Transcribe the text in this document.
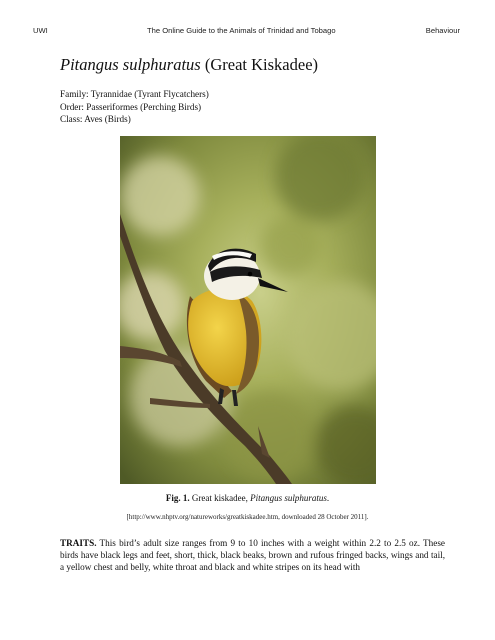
UWI	The Online Guide to the Animals of Trinidad and Tobago	Behaviour
Pitangus sulphuratus (Great Kiskadee)
Family: Tyrannidae (Tyrant Flycatchers)
Order: Passeriformes (Perching Birds)
Class: Aves (Birds)
Fig. 1. Great kiskadee, Pitangus sulphuratus.
[http://www.nhptv.org/natureworks/greatkiskadee.htm, downloaded 28 October 2011].
TRAITS. This bird’s adult size ranges from 9 to 10 inches with a weight within 2.2 to 2.5 oz. These birds have black legs and feet, short, thick, black beaks, brown and rufous fringed backs, wings and tail, a yellow chest and belly, white throat and black and white stripes on its head with
